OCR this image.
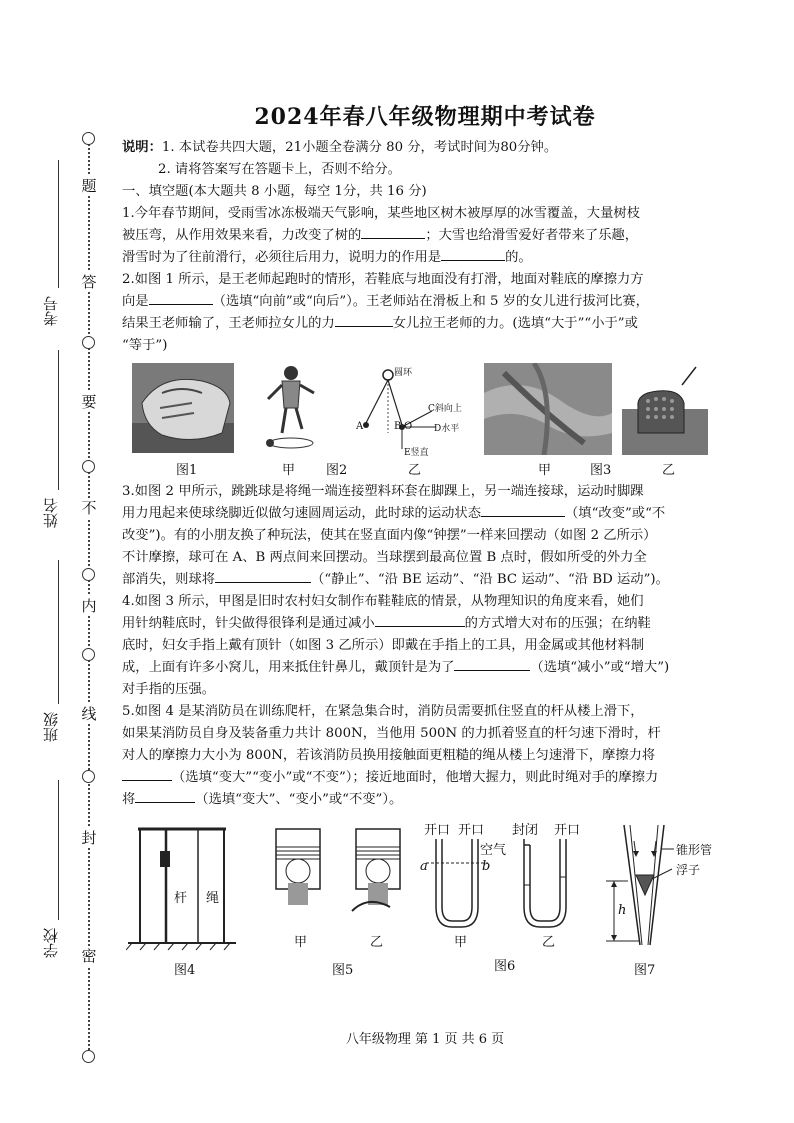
题
答
要
不
内
线
封
密
考号
姓名
班级
学校
2024年春八年级物理期中考试卷
说明：1. 本试卷共四大题，21小题全卷满分 80 分，考试时间为80分钟。
2. 请将答案写在答题卡上，否则不给分。
一、填空题(本大题共 8 小题，每空 1分，共 16 分)
1.今年春节期间，受雨雪冰冻极端天气影响，某些地区树木被厚厚的冰雪覆盖，大量树枝
被压弯，从作用效果来看，力改变了树的	；大雪也给滑雪爱好者带来了乐趣，
滑雪时为了往前滑行，必须往后用力，说明力的作用是	的。
2.如图 1 所示，是王老师起跑时的情形，若鞋底与地面没有打滑，地面对鞋底的摩擦力方
向是	（选填“向前”或“向后”）。王老师站在滑板上和 5 岁的女儿进行拔河比赛，
结果王老师输了，王老师拉女儿的力	女儿拉王老师的力。(选填“大于”“小于”或
“等于”)
图1	甲 图2
圆环
A	B O
C斜向上
D水平
E竖直
乙	甲	图3	乙
3.如图 2 甲所示，跳跳球是将绳一端连接塑料环套在脚踝上，另一端连接球，运动时脚踝
用力甩起来使球绕脚近似做匀速圆周运动，此时球的运动状态	（填“改变”或“不
改变”)。有的小朋友换了种玩法，使其在竖直面内像“钟摆”一样来回摆动（如图 2 乙所示）
不计摩擦，球可在 A、B 两点间来回摆动。当球摆到最高位置 B 点时，假如所受的外力全
部消失，则球将	（“静止”、“沿 BE 运动”、“沿 BC 运动”、“沿 BD 运动”)。
4.如图 3 所示，甲图是旧时农村妇女制作布鞋鞋底的情景，从物理知识的角度来看，她们
用针纳鞋底时，针尖做得很锋利是通过减小	的方式增大对布的压强；在纳鞋
底时，妇女手指上戴有顶针（如图 3 乙所示）即戴在手指上的工具，用金属或其他材料制
成，上面有许多小窝儿，用来抵住针鼻儿，戴顶针是为了	（选填“减小”或“增大”)
对手指的压强。
5.如图 4 是某消防员在训练爬杆，在紧急集合时，消防员需要抓住竖直的杆从楼上滑下，
如果某消防员自身及装备重力共计 800N，当他用 500N 的力抓着竖直的杆匀速下滑时，杆
对人的摩擦力大小为 800N，若该消防员换用接触面更粗糙的绳从楼上匀速滑下，摩擦力将
（选填“变大”“变小”或“不变”）；接近地面时，他增大握力，则此时绳对手的摩擦力
将	（选填“变大”、“变小”或“不变”）。
杆 绳
图4
甲	乙
图5
开口 开口
空气
a	b
封闭 开口
甲	乙
图6
锥形管
浮子
h
图7
八年级物理 第 1 页 共 6 页
